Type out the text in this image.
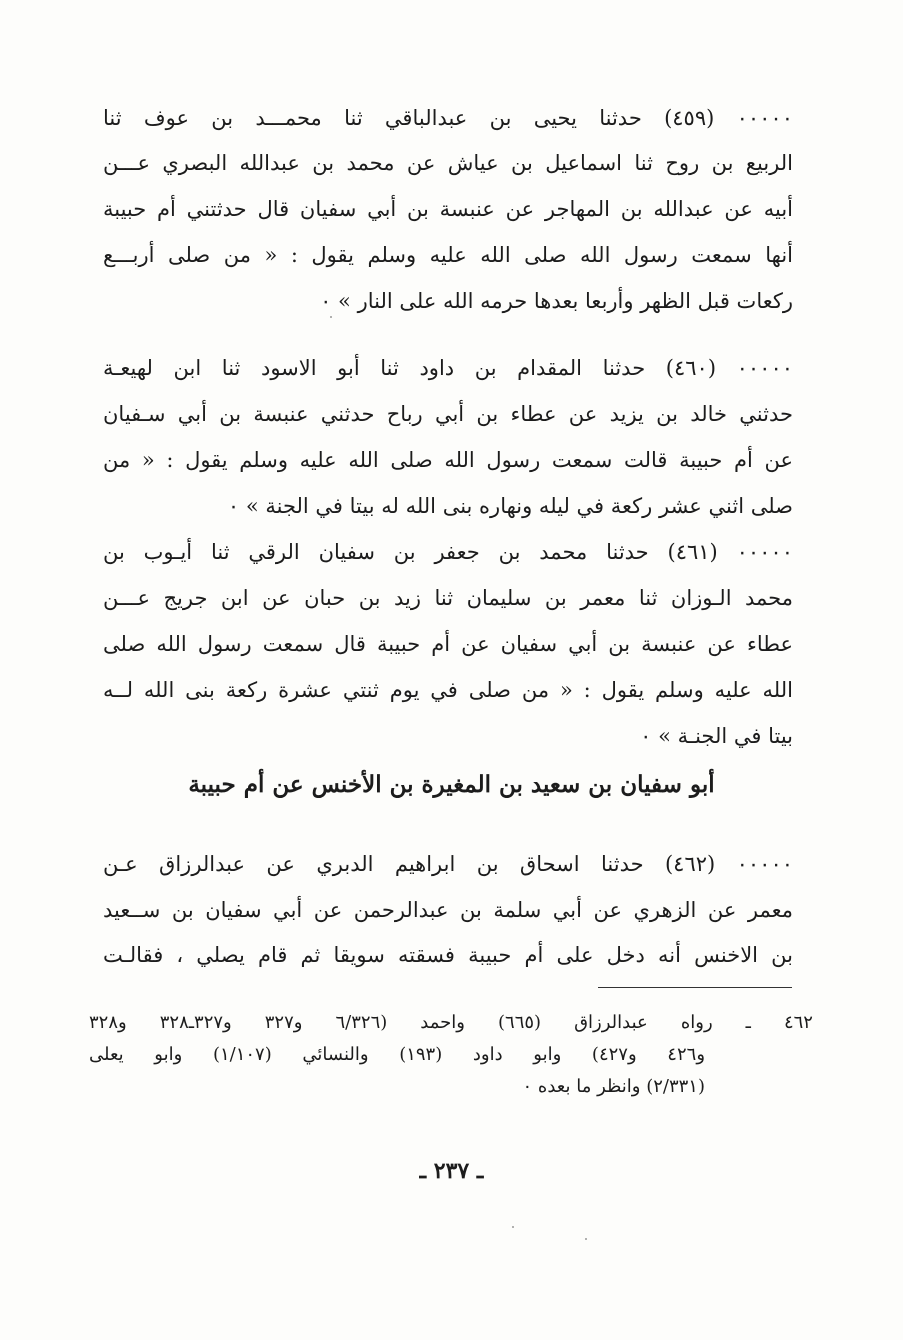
٠٠٠٠٠ (٤٥٩) حدثنا يحيى بن عبدالباقي ثنا محمـــد بن عوف ثنا
الربيع بن روح ثنا اسماعيل بن عياش عن محمد بن عبدالله البصري عـــن
أبيه عن عبدالله بن المهاجر عن عنبسة بن أبي سفيان قال حدثتني أم حبيبة
أنها سمعت رسول الله صلى الله عليه وسلم يقول : « من صلى أربـــع
ركعات قبل الظهر وأربعا بعدها حرمه الله على النار » ٠
٠٠٠٠٠ (٤٦٠) حدثنا المقدام بن داود ثنا أبو الاسود ثنا ابن لهيعـة
حدثني خالد بن يزيد عن عطاء بن أبي رباح حدثني عنبسة بن أبي سـفيان
عن أم حبيبة قالت سمعت رسول الله صلى الله عليه وسلم يقول : « من
صلى اثني عشر ركعة في ليله ونهاره بنى الله له بيتا في الجنة » ٠
٠٠٠٠٠ (٤٦١) حدثنا محمد بن جعفر بن سفيان الرقي ثنا أيـوب بن
محمد الـوزان ثنا معمر بن سليمان ثنا زيد بن حبان عن ابن جريج عـــن
عطاء عن عنبسة بن أبي سفيان عن أم حبيبة قال سمعت رسول الله صلى
الله عليه وسلم يقول : « من صلى في يوم ثنتي عشرة ركعة بنى الله لــه
بيتا في الجنـة » ٠
أبو سفيان بن سعيد بن المغيرة بن الأخنس عن أم حبيبة
٠٠٠٠٠ (٤٦٢) حدثنا اسحاق بن ابراهيم الدبري عن عبدالرزاق عـن
معمر عن الزهري عن أبي سلمة بن عبدالرحمن عن أبي سفيان بن ســعيد
بن الاخنس أنه دخل على أم حبيبة فسقته سويقا ثم قام يصلي ، فقالـت
٤٦٢ ـ رواه عبدالرزاق (٦٦٥) واحمد (٦/٣٢٦ و٣٢٧ و٣٢٧ـ٣٢٨ و٣٢٨
و٤٢٦ و٤٢٧) وابو داود (١٩٣) والنسائي (١/١٠٧) وابو يعلى
(٢/٣٣١) وانظر ما بعده ٠
ـ ٢٣٧ ـ
